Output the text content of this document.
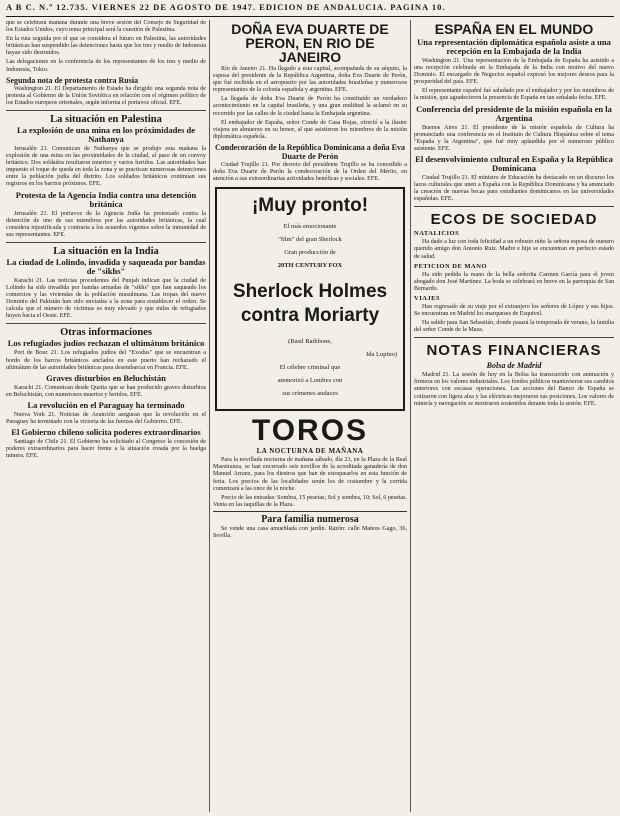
A B C. N.º 12.735. VIERNES 22 DE AGOSTO DE 1947. EDICION DE ANDALUCIA. PAGINA 10.

que se celebrará mañana durante una breve sesión del Consejo de Seguridad de los Estados Unidos, cuyo tema principal será la cuestión de Palestina.

En la ruta seguida por el que se considera el futuro en Palestina, las autoridades británicas han suspendido las detenciones hasta que los tres y medio de Indonesia hayan sido destruidos.

Las delegaciones en la conferencia de los representantes de los tres y medio de Indonesia, Tokio.

Segunda nota de protesta contra Rusia

Washington 21. El Departamento de Estado ha dirigido una segunda nota de protesta al Gobierno de la Unión Soviética en relación con el régimen político de los Estados europeos orientales, según informa el portavoz oficial. EFE.

La situación en Palestina
La explosión de una mina en los próximidades de Nathanya

Jerusalén 21. Comunican de Nathanya que se produjo esta mañana la explosión de una mina en las proximidades de la ciudad, al paso de un convoy británico. Dos soldados resultaron muertos y varios heridos. Las autoridades han impuesto el toque de queda en toda la zona y se practican numerosas detenciones entre la población judía del distrito. Los soldados británicos continúan sus registros en los barrios próximos. EFE.

Protesta de la Agencia India contra una detención británica

Jerusalén 21. El portavoz de la Agencia Judía ha protestado contra la detención de uno de sus miembros por las autoridades británicas, la cual considera injustificada y contraria a los acuerdos vigentes sobre la inmunidad de sus representantes. EFE.

La situación en la India
La ciudad de Lolindo, invadida y saqueada por bandas de "sikhs"

Karachi 21. Las noticias procedentes del Punjab indican que la ciudad de Lolindo ha sido invadida por bandas armadas de "sikhs" que han saqueado los comercios y las viviendas de la población musulmana. Las tropas del nuevo Dominio del Pakistán han sido enviadas a la zona para restablecer el orden. Se calcula que el número de víctimas es muy elevado y que miles de refugiados huyen hacia el Oeste. EFE.

Otras informaciones
Los refugiados judíos rechazan el ultimátum británico

Port de Bouc 21. Los refugiados judíos del "Exodus" que se encuentran a bordo de los barcos británicos anclados en este puerto han rechazado el ultimátum de las autoridades británicas para desembarcar en Francia. EFE.

Graves disturbios en Beluchistán

Karachi 21. Comunican desde Quetta que se han producido graves disturbios en Beluchistán, con numerosos muertos y heridos. EFE.

La revolución en el Paraguay ha terminado

Nueva York 21. Noticias de Asunción aseguran que la revolución en el Paraguay ha terminado con la victoria de las fuerzas del Gobierno. EFE.

El Gobierno chileno solicita poderes extraordinarios

Santiago de Chile 21. El Gobierno ha solicitado al Congreso la concesión de poderes extraordinarios para hacer frente a la situación creada por la huelga minera. EFE.

DOÑA EVA DUARTE DE PERON, EN RIO DE JANEIRO

Río de Janeiro 21. Ha llegado a esta capital, acompañada de su séquito, la esposa del presidente de la República Argentina, doña Eva Duarte de Perón, que fué recibida en el aeropuerto por las autoridades brasileñas y numerosos representantes de la colonia española y argentina. EFE.

La llegada de doña Eva Duarte de Perón ha constituido un verdadero acontecimiento en la capital brasileña, y una gran multitud la aclamó en su recorrido por las calles de la ciudad hasta la Embajada argentina.

El embajador de España, señor Conde de Casa Rojas, ofreció a la ilustre viajera un almuerzo en su honor, al que asistieron los miembros de la misión diplomática española.

Condecoración de la República Dominicana a doña Eva Duarte de Perón

Ciudad Trujillo 21. Por decreto del presidente Trujillo se ha concedido a doña Eva Duarte de Perón la condecoración de la Orden del Mérito, en atención a sus extraordinarias actividades benéficas y sociales. EFE.

¡Muy pronto!
El más emocionante
"film" del gran Sherlock
Gran producción de
20TH CENTURY FOX
Sherlock Holmes
contra Moriarty
(Basil Rathbone,
Ida Lupino)
El célebre criminal que
atemorizó a Londres con
sus crímenes audaces
TOROS
LA NOCTURNA DE MAÑANA

Para la novillada nocturna de mañana sábado, día 23, en la Plaza de la Real Maestranza, se han encerrado seis novillos de la acreditada ganadería de don Manuel Arranz, para los diestros que han de estoquearlos en esta función de feria. Los precios de las localidades serán los de costumbre y la corrida comenzará a las once de la noche.

Precio de las entradas: Sombra, 15 pesetas; Sol y sombra, 10; Sol, 6 pesetas. Venta en las taquillas de la Plaza.

Para familia numerosa

Se vende una casa amueblada con jardín. Razón: calle Mateos Gago, 36, Sevilla.

ESPAÑA EN EL MUNDO
Una representación diplomática española asiste a una recepción en la Embajada de la India

Washington 21. Una representación de la Embajada de España ha asistido a una recepción celebrada en la Embajada de la India con motivo del nuevo Dominio. El encargado de Negocios español expresó los mejores deseos para la prosperidad del país. EFE.

El representante español fué saludado por el embajador y por los miembros de la misión, que agradecieron la presencia de España en tan señalada fecha. EFE.

Conferencia del presidente de la misión española en la Argentina

Buenos Aires 21. El presidente de la misión española de Cultura ha pronunciado una conferencia en el Instituto de Cultura Hispánica sobre el tema "España y la Argentina", que fué muy aplaudida por el numeroso público asistente. EFE.

El desenvolvimiento cultural en España y la República Dominicana

Ciudad Trujillo 21. El ministro de Educación ha destacado en un discurso los lazos culturales que unen a España con la República Dominicana y ha anunciado la creación de nuevas becas para estudiantes dominicanos en las universidades españolas. EFE.

ECOS DE SOCIEDAD
NATALICIOS

Ha dado a luz con toda felicidad a un robusto niño la señora esposa de nuestro querido amigo don Antonio Ruiz. Madre e hijo se encuentran en perfecto estado de salud.

PETICION DE MANO

Ha sido pedida la mano de la bella señorita Carmen García para el joven abogado don José Martínez. La boda se celebrará en breve en la parroquia de San Bernardo.

VIAJES

Han regresado de su viaje por el extranjero los señores de López y sus hijos. Se encuentran en Madrid los marqueses de Esquivel.

Ha salido para San Sebastián, donde pasará la temporada de verano, la familia del señor Conde de la Maza.

NOTAS FINANCIERAS
Bolsa de Madrid

Madrid 21. La sesión de hoy en la Bolsa ha transcurrido con animación y firmeza en los valores industriales. Los fondos públicos mantuvieron sus cambios anteriores con escasas operaciones. Las acciones del Banco de España se cotizaron con ligera alza y las eléctricas mejoraron sus posiciones. Los valores de minería y navegación se mostraron sostenidos durante toda la sesión. EFE.
